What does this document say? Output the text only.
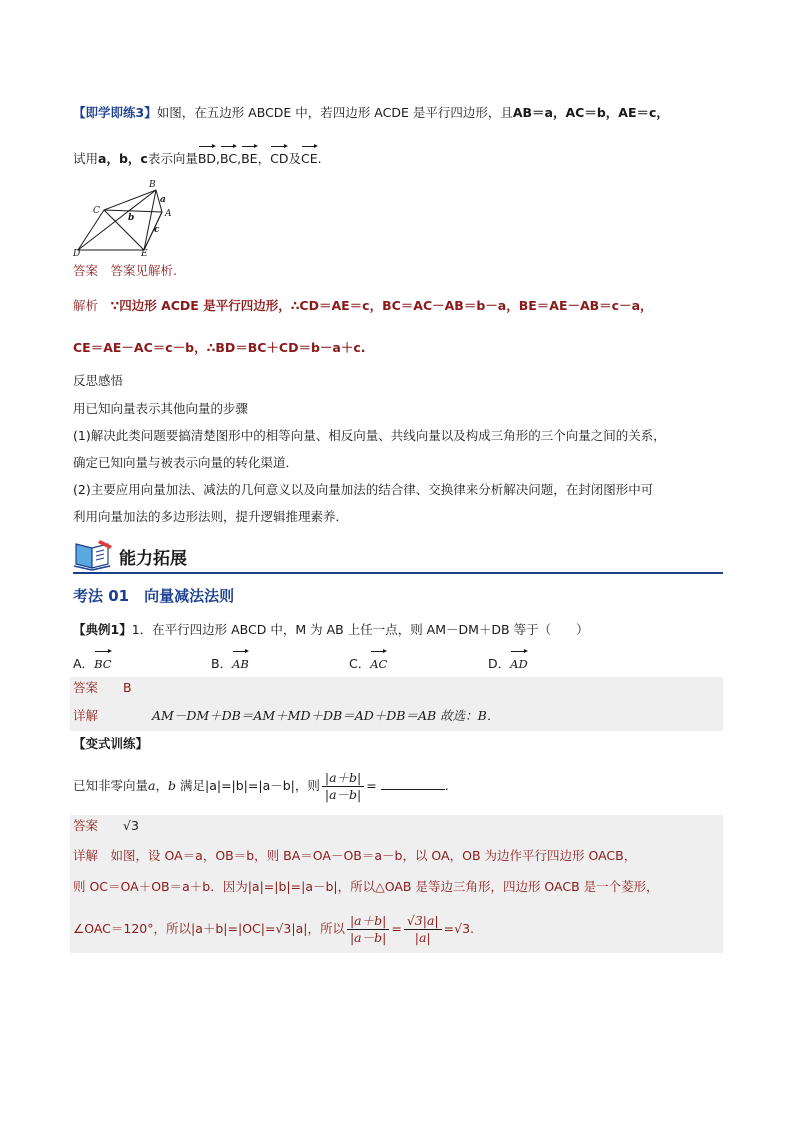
【即学即练3】如图，在五边形 ABCDE 中，若四边形 ACDE 是平行四边形，且AB＝a，AC＝b，AE＝c，
试用a，b，c表示向量BD,BC,BE，CD及CE.
B
C	A
D	E
a
b
c
答案　 答案见解析.
解析　 ∵四边形 ACDE 是平行四边形，∴CD＝AE＝c，BC＝AC－AB＝b－a，BE＝AE－AB＝c－a，
CE＝AE－AC＝c－b，∴BD＝BC＋CD＝b－a＋c.
反思感悟
用已知向量表示其他向量的步骤
(1)解决此类问题要搞清楚图形中的相等向量、相反向量、共线向量以及构成三角形的三个向量之间的关系，
确定已知向量与被表示向量的转化渠道．
(2)主要应用向量加法、减法的几何意义以及向量加法的结合律、交换律来分析解决问题，在封闭图形中可
利用向量加法的多边形法则，提升逻辑推理素养．
能力拓展
考法 01　向量减法法则
【典例1】1．在平行四边形 ABCD 中，M 为 AB 上任一点，则 AM－DM＋DB 等于（　　）
A．BC	B．AB	C．AC	D．AD
答案　　 B
详解	AM－DM＋DB＝AM＋MD＋DB＝AD＋DB＝AB 故选：B．
【变式训练】
已知非零向量a，b 满足|a|=|b|=|a－b|，则 $\frac{|a+b|}{|a-b|}$ =	.
答案　　 √3
详解　 如图，设 OA＝a，OB＝b，则 BA＝OA－OB＝a－b，以 OA，OB 为边作平行四边形 OACB，
则 OC＝OA＋OB＝a＋b．因为|a|=|b|=|a－b|，所以△OAB 是等边三角形，四边形 OACB 是一个菱形，
∠OAC＝120°，所以|a＋b|=|OC|=√3|a|，所以 $\frac{|a+b|}{|a-b|} = \frac{√3|a|}{|a|} =√3$.
